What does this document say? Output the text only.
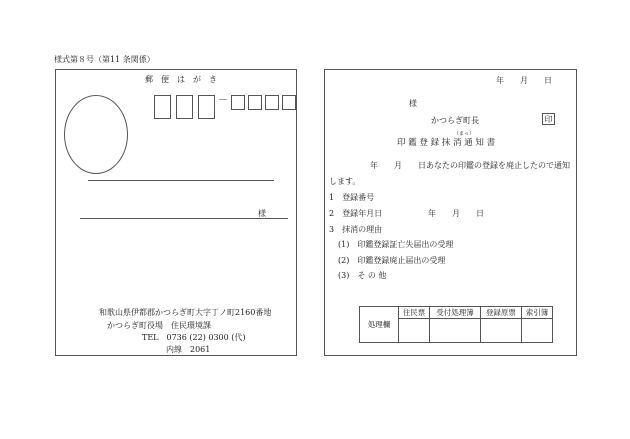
様式第８号（第11 条関係）
郵　便　は　が　き
－
様
和歌山県伊都郡かつらぎ町大字丁ノ町2160番地
かつらぎ町役場　住民環境課
TEL　0736 (22) 0300 (代)
内線　2061
年　　月　　日
様
かつらぎ町長	印
（まっ）
印 鑑 登 録 抹 消 通 知 書
年　　月　　日あなたの印鑑の登録を廃止したので通知
します。
1　登録番号
2　登録年月日	年　　月　　日
3　抹消の理由
(1)　印鑑登録証亡失届出の受理
(2)　印鑑登録廃止届出の受理
(3)　そ の 他
処理欄	住民票	受付処理簿	登録原票	索引簿
